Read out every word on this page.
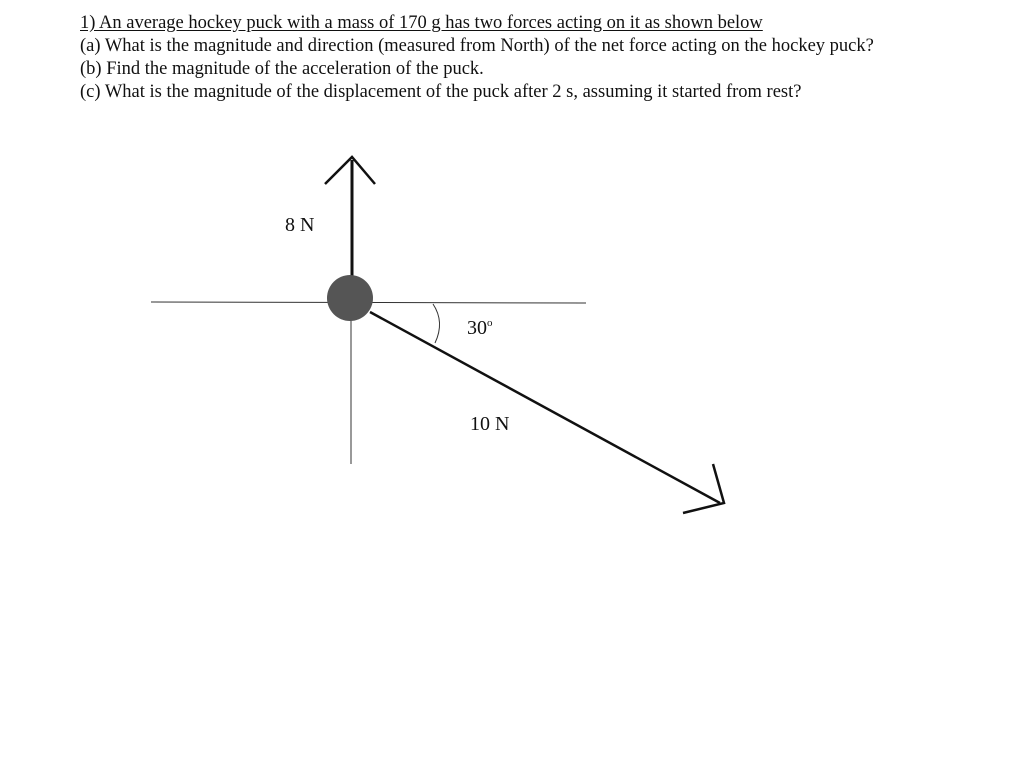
1) An average hockey puck with a mass of 170 g has two forces acting on it as shown below

(a) What is the magnitude and direction (measured from North) of the net force acting on the hockey puck?

(b) Find the magnitude of the acceleration of the puck.

(c) What is the magnitude of the displacement of the puck after 2 s, assuming it started from rest?

8 N
30$^o$
10 N
